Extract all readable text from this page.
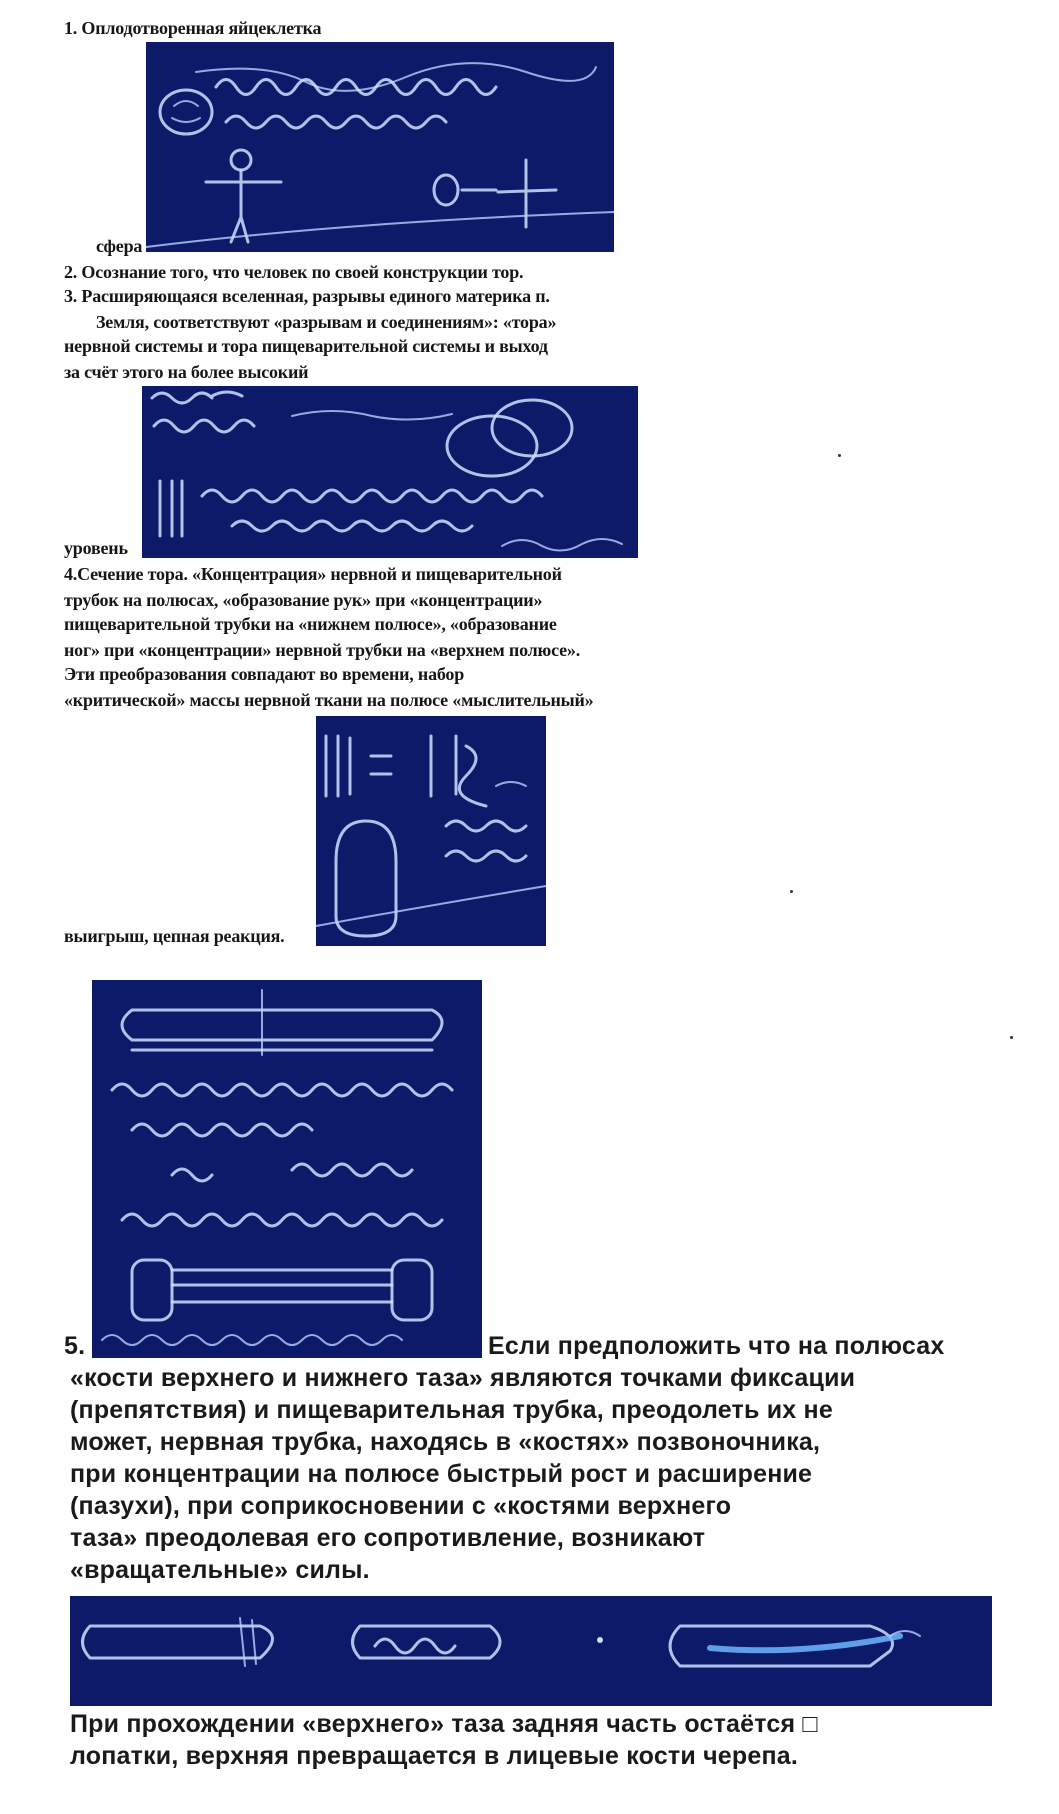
1. Оплодотворенная яйцеклетка
сфера
2. Осознание того, что человек по своей конструкции тор.
3. Расширяющаяся вселенная, разрывы единого материка п.
Земля, соответствуют «разрывам и соединениям»: «тора»
нервной системы и тора пищеварительной системы и выход
за счёт этого на более высокий
уровень
4.Сечение тора. «Концентрация» нервной и пищеварительной
трубок на полюсах, «образование рук» при «концентрации»
пищеварительной трубки на «нижнем полюсе», «образование
ног» при «концентрации» нервной трубки на «верхнем полюсе».
Эти преобразования совпадают во времени, набор
«критической» массы нервной ткани на полюсе «мыслительный»
выигрыш, цепная реакция.
5.	Если предположить что на полюсах
«кости верхнего и нижнего таза» являются точками фиксации
(препятствия) и пищеварительная трубка, преодолеть их не
может, нервная трубка, находясь в «костях» позвоночника,
при концентрации на полюсе быстрый рост и расширение
(пазухи), при соприкосновении с «костями верхнего
таза» преодолевая его сопротивление, возникают
«вращательные» силы.
При прохождении «верхнего» таза задняя часть остаётся □
лопатки, верхняя превращается в лицевые кости черепа.
